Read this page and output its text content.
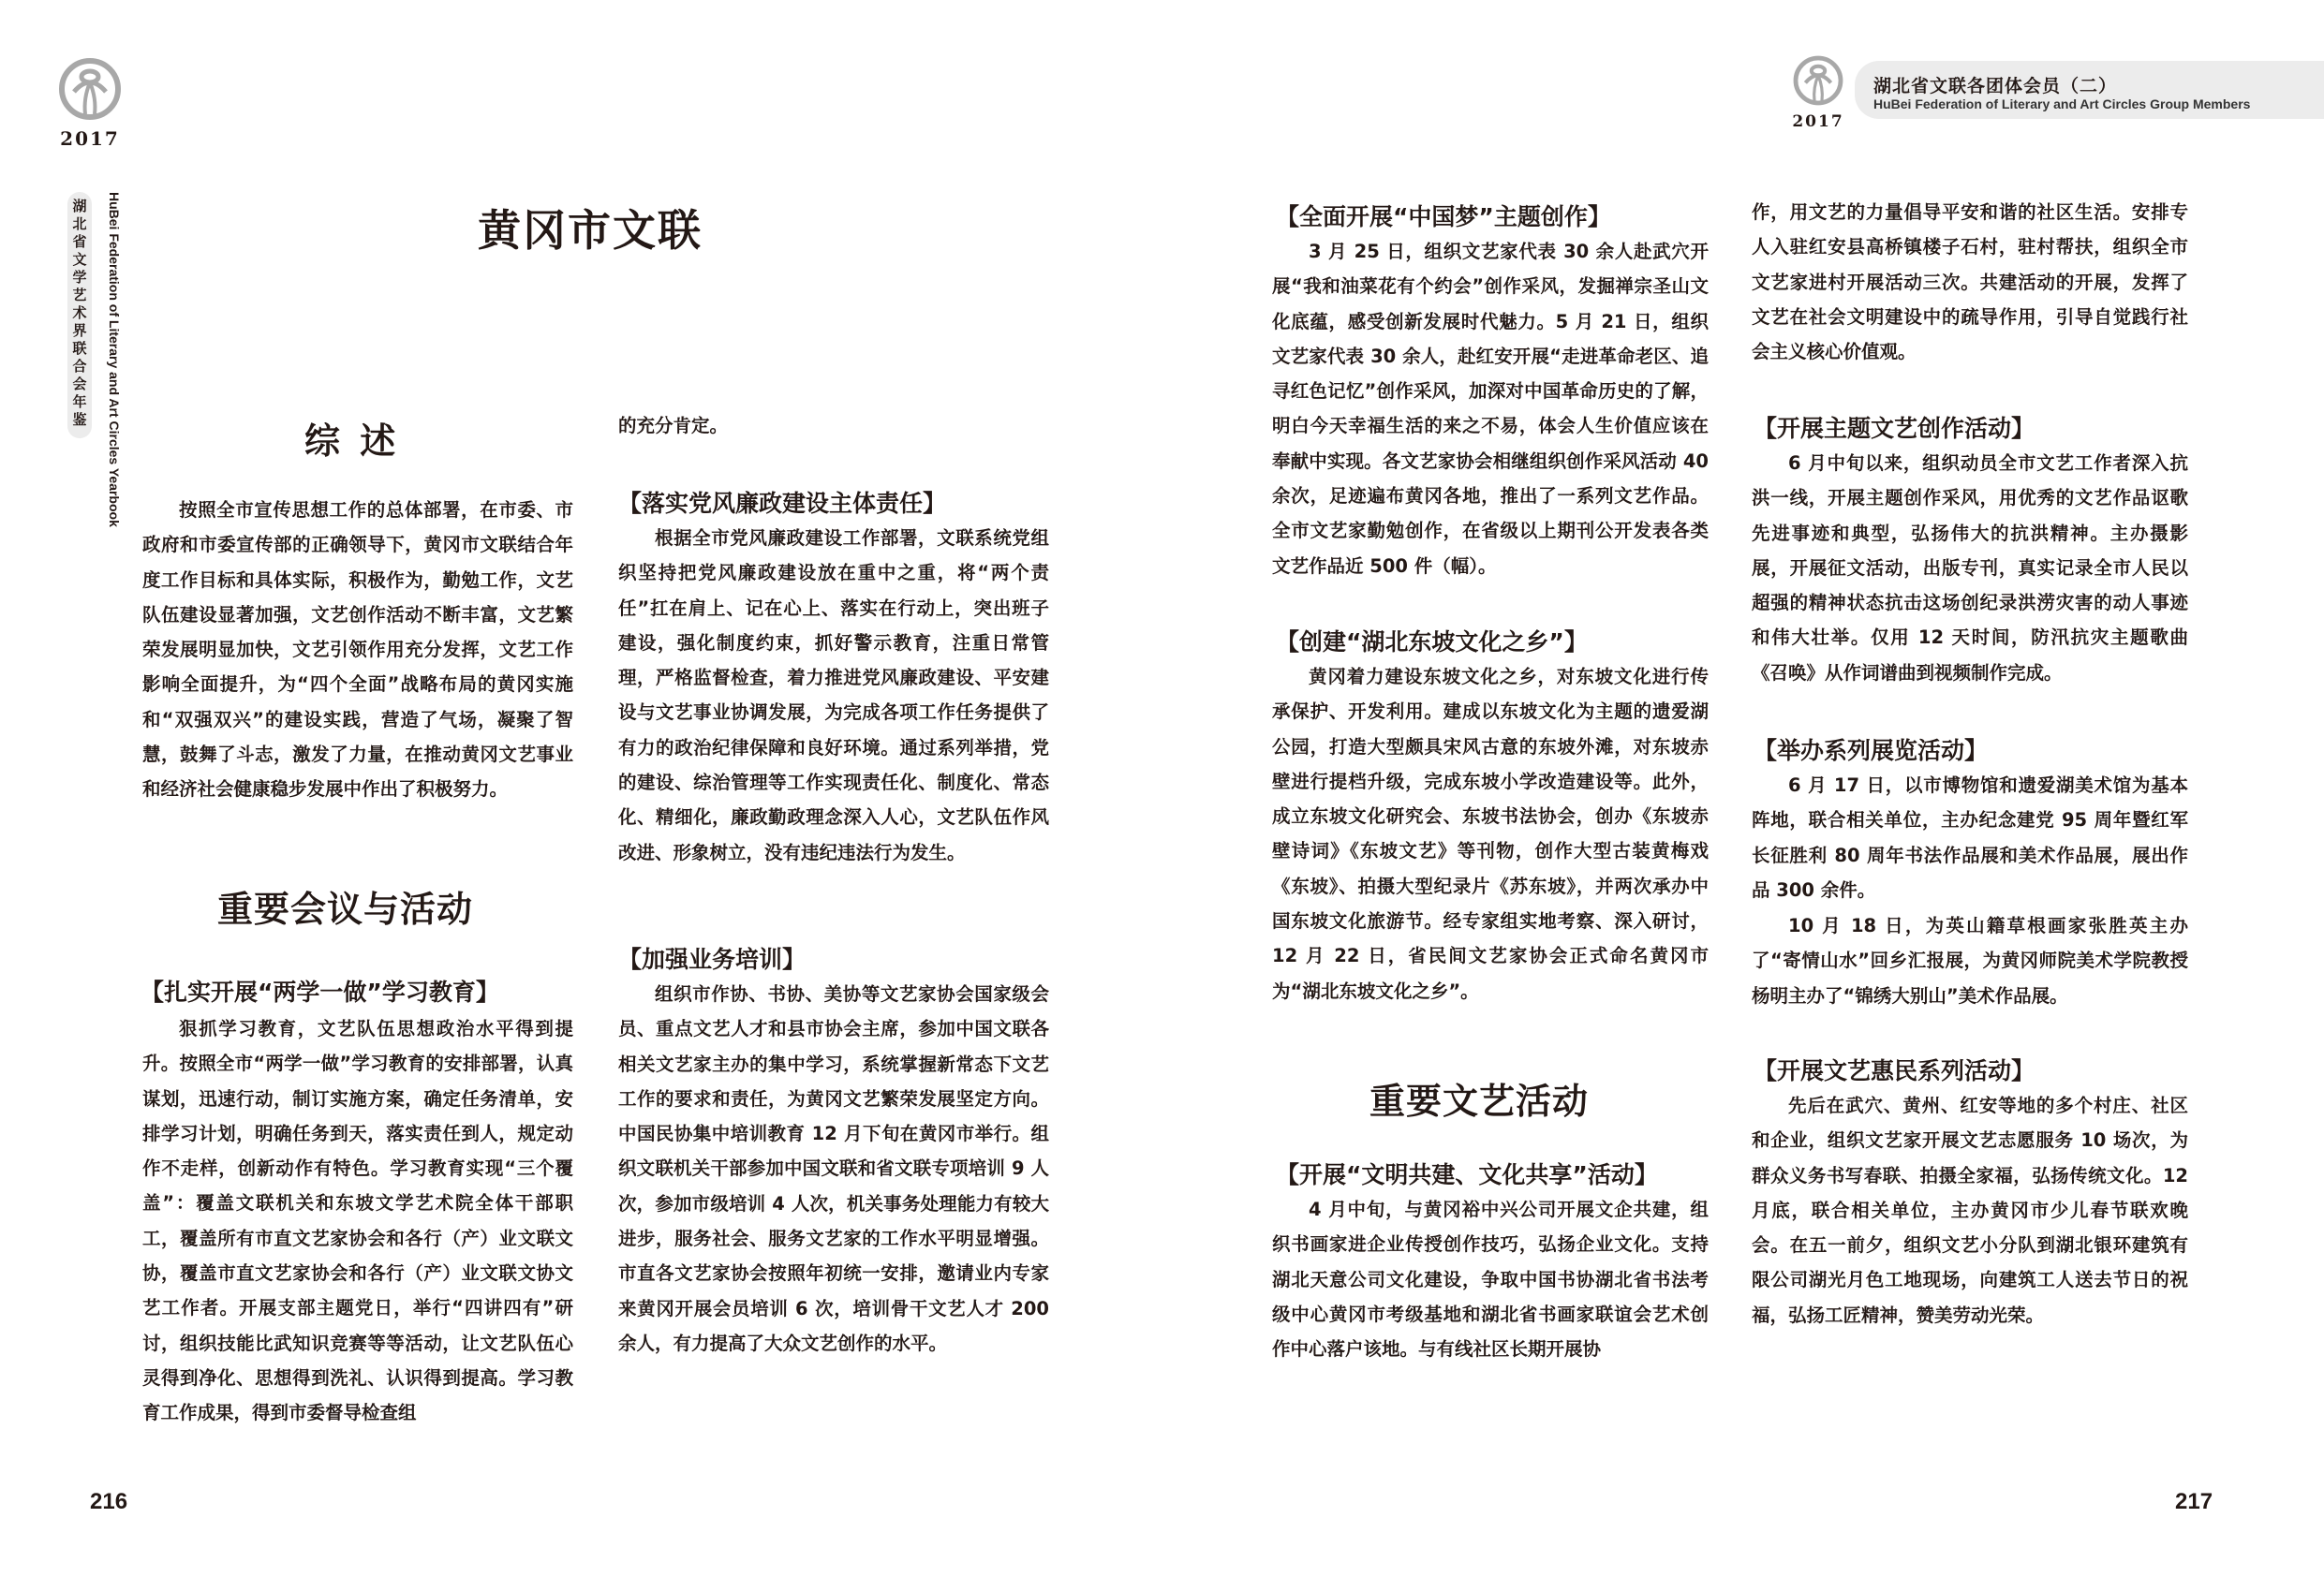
2017
湖
北
省
文
学
艺
术
界
联
合
会
年
鉴	HuBei Federation of Literary and Art Circles Yearbook	黄冈市文联
综 述

按照全市宣传思想工作的总体部署，在市委、市政府和市委宣传部的正确领导下，黄冈市文联结合年度工作目标和具体实际，积极作为，勤勉工作，文艺队伍建设显著加强，文艺创作活动不断丰富，文艺繁荣发展明显加快，文艺引领作用充分发挥，文艺工作影响全面提升，为“四个全面”战略布局的黄冈实施和“双强双兴”的建设实践，营造了气场，凝聚了智慧，鼓舞了斗志，激发了力量，在推动黄冈文艺事业和经济社会健康稳步发展中作出了积极努力。

重要会议与活动
【扎实开展“两学一做”学习教育】

狠抓学习教育，文艺队伍思想政治水平得到提升。按照全市“两学一做”学习教育的安排部署，认真谋划，迅速行动，制订实施方案，确定任务清单，安排学习计划，明确任务到天，落实责任到人，规定动作不走样，创新动作有特色。学习教育实现“三个覆盖”：覆盖文联机关和东坡文学艺术院全体干部职工，覆盖所有市直文艺家协会和各行（产）业文联文协，覆盖市直文艺家协会和各行（产）业文联文协文艺工作者。开展支部主题党日，举行“四讲四有”研讨，组织技能比武知识竞赛等等活动，让文艺队伍心灵得到净化、思想得到洗礼、认识得到提高。学习教育工作成果，得到市委督导检查组

的充分肯定。

【落实党风廉政建设主体责任】

根据全市党风廉政建设工作部署，文联系统党组织坚持把党风廉政建设放在重中之重，将“两个责任”扛在肩上、记在心上、落实在行动上，突出班子建设，强化制度约束，抓好警示教育，注重日常管理，严格监督检查，着力推进党风廉政建设、平安建设与文艺事业协调发展，为完成各项工作任务提供了有力的政治纪律保障和良好环境。通过系列举措，党的建设、综治管理等工作实现责任化、制度化、常态化、精细化，廉政勤政理念深入人心，文艺队伍作风改进、形象树立，没有违纪违法行为发生。

【加强业务培训】

组织市作协、书协、美协等文艺家协会国家级会员、重点文艺人才和县市协会主席，参加中国文联各相关文艺家主办的集中学习，系统掌握新常态下文艺工作的要求和责任，为黄冈文艺繁荣发展坚定方向。中国民协集中培训教育 12 月下旬在黄冈市举行。组织文联机关干部参加中国文联和省文联专项培训 9 人次，参加市级培训 4 人次，机关事务处理能力有较大进步，服务社会、服务文艺家的工作水平明显增强。市直各文艺家协会按照年初统一安排，邀请业内专家来黄冈开展会员培训 6 次，培训骨干文艺人才 200 余人，有力提高了大众文艺创作的水平。

216
2017
湖北省文联各团体会员（二）
HuBei Federation of Literary and Art Circles Group Members
【全面开展“中国梦”主题创作】

3 月 25 日，组织文艺家代表 30 余人赴武穴开展“我和油菜花有个约会”创作采风，发掘禅宗圣山文化底蕴，感受创新发展时代魅力。5 月 21 日，组织文艺家代表 30 余人，赴红安开展“走进革命老区、追寻红色记忆”创作采风，加深对中国革命历史的了解，明白今天幸福生活的来之不易，体会人生价值应该在奉献中实现。各文艺家协会相继组织创作采风活动 40 余次，足迹遍布黄冈各地，推出了一系列文艺作品。全市文艺家勤勉创作，在省级以上期刊公开发表各类文艺作品近 500 件（幅）。

【创建“湖北东坡文化之乡”】

黄冈着力建设东坡文化之乡，对东坡文化进行传承保护、开发利用。建成以东坡文化为主题的遗爱湖公园，打造大型颇具宋风古意的东坡外滩，对东坡赤壁进行提档升级，完成东坡小学改造建设等。此外，成立东坡文化研究会、东坡书法协会，创办《东坡赤壁诗词》《东坡文艺》等刊物，创作大型古装黄梅戏《东坡》、拍摄大型纪录片《苏东坡》，并两次承办中国东坡文化旅游节。经专家组实地考察、深入研讨，12 月 22 日，省民间文艺家协会正式命名黄冈市为“湖北东坡文化之乡”。

重要文艺活动
【开展“文明共建、文化共享”活动】

4 月中旬，与黄冈裕中兴公司开展文企共建，组织书画家进企业传授创作技巧，弘扬企业文化。支持湖北天意公司文化建设，争取中国书协湖北省书法考级中心黄冈市考级基地和湖北省书画家联谊会艺术创作中心落户该地。与有线社区长期开展协

作，用文艺的力量倡导平安和谐的社区生活。安排专人入驻红安县高桥镇楼子石村，驻村帮扶，组织全市文艺家进村开展活动三次。共建活动的开展，发挥了文艺在社会文明建设中的疏导作用，引导自觉践行社会主义核心价值观。

【开展主题文艺创作活动】

6 月中旬以来，组织动员全市文艺工作者深入抗洪一线，开展主题创作采风，用优秀的文艺作品讴歌先进事迹和典型，弘扬伟大的抗洪精神。主办摄影展，开展征文活动，出版专刊，真实记录全市人民以超强的精神状态抗击这场创纪录洪涝灾害的动人事迹和伟大壮举。仅用 12 天时间，防汛抗灾主题歌曲《召唤》从作词谱曲到视频制作完成。

【举办系列展览活动】

6 月 17 日，以市博物馆和遗爱湖美术馆为基本阵地，联合相关单位，主办纪念建党 95 周年暨红军长征胜利 80 周年书法作品展和美术作品展，展出作品 300 余件。

10 月 18 日，为英山籍草根画家张胜英主办了“寄情山水”回乡汇报展，为黄冈师院美术学院教授杨明主办了“锦绣大别山”美术作品展。

【开展文艺惠民系列活动】

先后在武穴、黄州、红安等地的多个村庄、社区和企业，组织文艺家开展文艺志愿服务 10 场次，为群众义务书写春联、拍摄全家福，弘扬传统文化。12 月底，联合相关单位，主办黄冈市少儿春节联欢晚会。在五一前夕，组织文艺小分队到湖北银环建筑有限公司湖光月色工地现场，向建筑工人送去节日的祝福，弘扬工匠精神，赞美劳动光荣。

217
